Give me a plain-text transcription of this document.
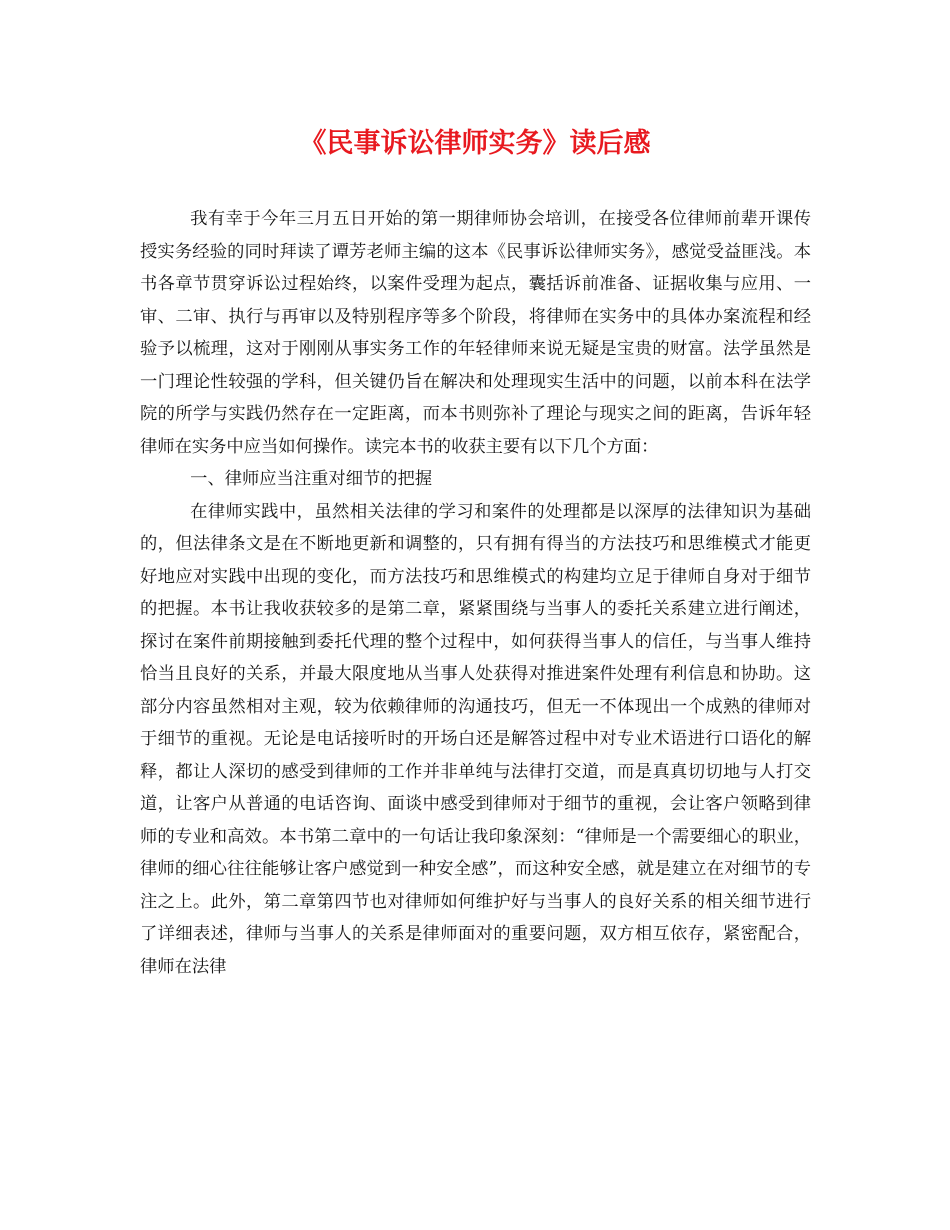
《民事诉讼律师实务》读后感

我有幸于今年三月五日开始的第一期律师协会培训，在接受各位律师前辈开课传授实务经验的同时拜读了谭芳老师主编的这本《民事诉讼律师实务》，感觉受益匪浅。本书各章节贯穿诉讼过程始终，以案件受理为起点，囊括诉前准备、证据收集与应用、一审、二审、执行与再审以及特别程序等多个阶段，将律师在实务中的具体办案流程和经验予以梳理，这对于刚刚从事实务工作的年轻律师来说无疑是宝贵的财富。法学虽然是一门理论性较强的学科，但关键仍旨在解决和处理现实生活中的问题，以前本科在法学院的所学与实践仍然存在一定距离，而本书则弥补了理论与现实之间的距离，告诉年轻律师在实务中应当如何操作。读完本书的收获主要有以下几个方面：

一、律师应当注重对细节的把握

在律师实践中，虽然相关法律的学习和案件的处理都是以深厚的法律知识为基础的，但法律条文是在不断地更新和调整的，只有拥有得当的方法技巧和思维模式才能更好地应对实践中出现的变化，而方法技巧和思维模式的构建均立足于律师自身对于细节的把握。本书让我收获较多的是第二章，紧紧围绕与当事人的委托关系建立进行阐述，探讨在案件前期接触到委托代理的整个过程中，如何获得当事人的信任，与当事人维持恰当且良好的关系，并最大限度地从当事人处获得对推进案件处理有利信息和协助。这部分内容虽然相对主观，较为依赖律师的沟通技巧，但无一不体现出一个成熟的律师对于细节的重视。无论是电话接听时的开场白还是解答过程中对专业术语进行口语化的解释，都让人深切的感受到律师的工作并非单纯与法律打交道，而是真真切切地与人打交道，让客户从普通的电话咨询、面谈中感受到律师对于细节的重视，会让客户领略到律师的专业和高效。本书第二章中的一句话让我印象深刻：“律师是一个需要细心的职业，律师的细心往往能够让客户感觉到一种安全感”，而这种安全感，就是建立在对细节的专注之上。此外，第二章第四节也对律师如何维护好与当事人的良好关系的相关细节进行了详细表述，律师与当事人的关系是律师面对的重要问题，双方相互依存，紧密配合，律师在法律
